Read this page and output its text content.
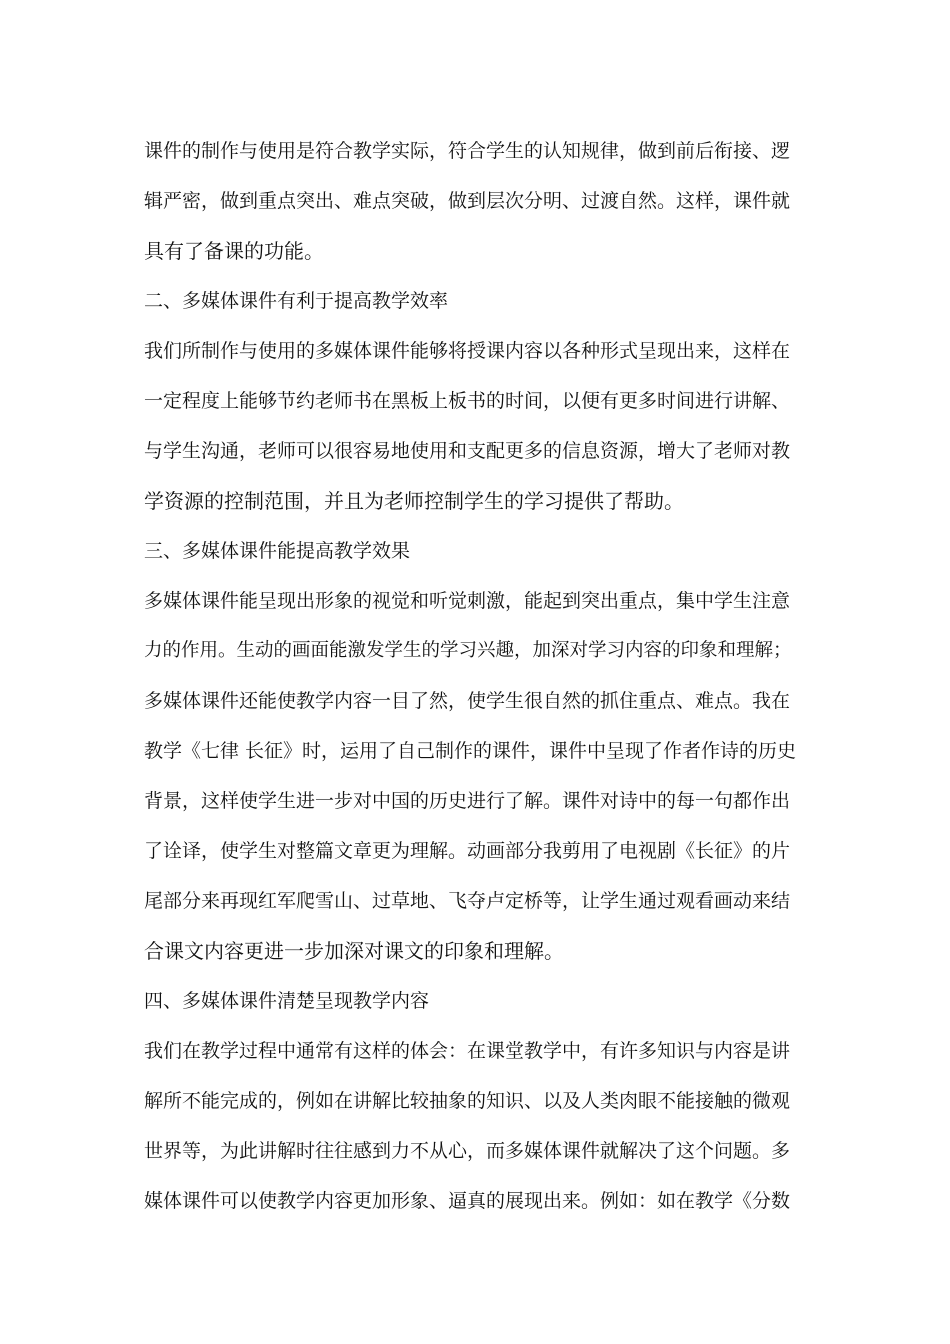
课件的制作与使用是符合教学实际，符合学生的认知规律，做到前后衔接、逻
辑严密，做到重点突出、难点突破，做到层次分明、过渡自然。这样，课件就
具有了备课的功能。
二、多媒体课件有利于提高教学效率
我们所制作与使用的多媒体课件能够将授课内容以各种形式呈现出来，这样在
一定程度上能够节约老师书在黑板上板书的时间，以便有更多时间进行讲解、
与学生沟通，老师可以很容易地使用和支配更多的信息资源，增大了老师对教
学资源的控制范围，并且为老师控制学生的学习提供了帮助。
三、多媒体课件能提高教学效果
多媒体课件能呈现出形象的视觉和听觉刺激，能起到突出重点，集中学生注意
力的作用。生动的画面能激发学生的学习兴趣，加深对学习内容的印象和理解；
多媒体课件还能使教学内容一目了然，使学生很自然的抓住重点、难点。我在
教学《七律 长征》时，运用了自己制作的课件，课件中呈现了作者作诗的历史
背景，这样使学生进一步对中国的历史进行了解。课件对诗中的每一句都作出
了诠译，使学生对整篇文章更为理解。动画部分我剪用了电视剧《长征》的片
尾部分来再现红军爬雪山、过草地、飞夺卢定桥等，让学生通过观看画动来结
合课文内容更进一步加深对课文的印象和理解。
四、多媒体课件清楚呈现教学内容
我们在教学过程中通常有这样的体会：在课堂教学中，有许多知识与内容是讲
解所不能完成的，例如在讲解比较抽象的知识、以及人类肉眼不能接触的微观
世界等，为此讲解时往往感到力不从心，而多媒体课件就解决了这个问题。多
媒体课件可以使教学内容更加形象、逼真的展现出来。例如：如在教学《分数
